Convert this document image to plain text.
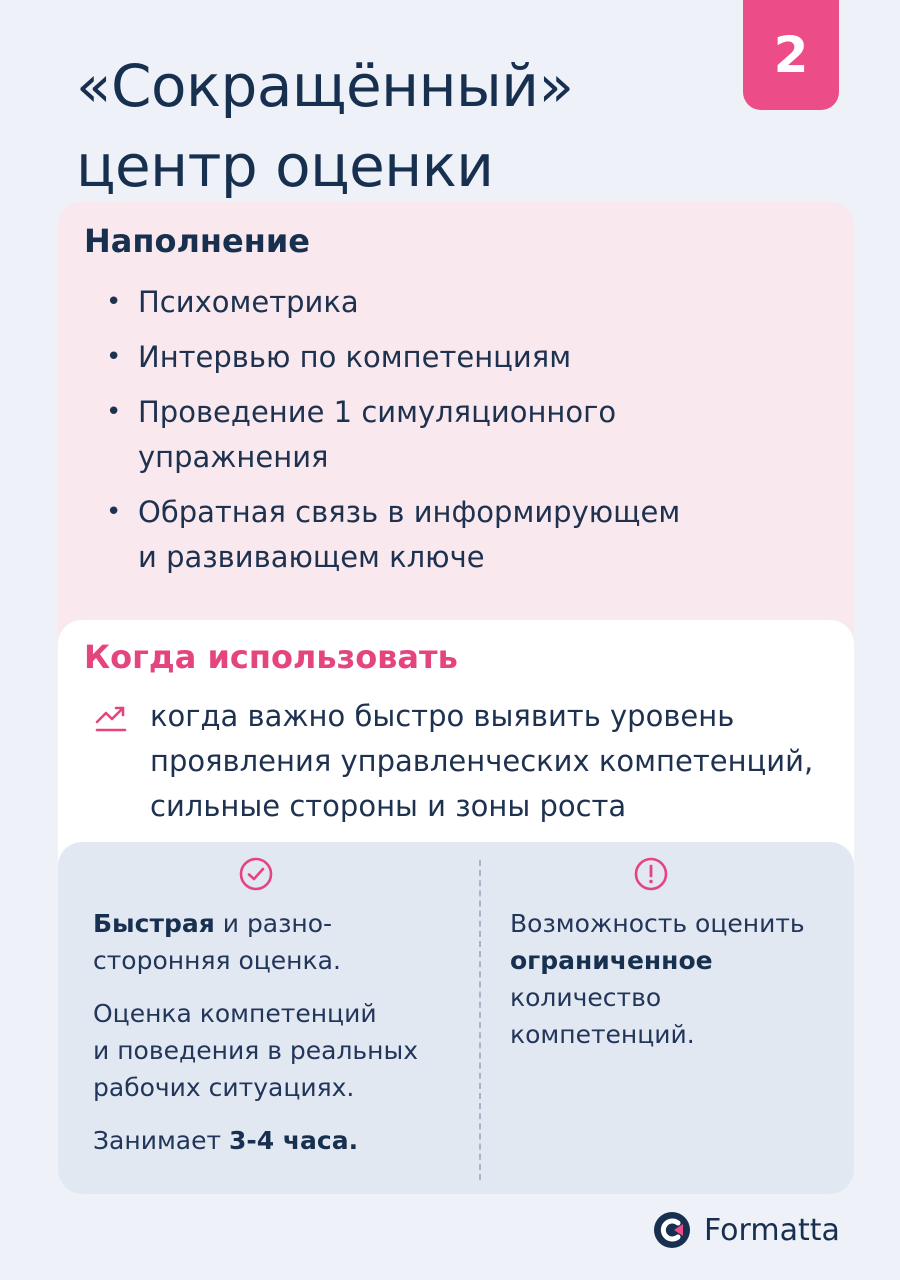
«Сокращённый»
центр оценки
2
Наполнение
• Психометрика
• Интервью по компетенциям
• Проведение 1 симуляционного
упражнения
• Обратная связь в информирующем
и развивающем ключе
Когда использовать

когда важно быстро выявить уровень
проявления управленческих компетенций,
сильные стороны и зоны роста

Быстрая и разно-
сторонняя оценка.

Оценка компетенций
и поведения в реальных
рабочих ситуациях.

Занимает 3-4 часа.

Возможность оценить
ограниченное
количество
компетенций.

Formatta
